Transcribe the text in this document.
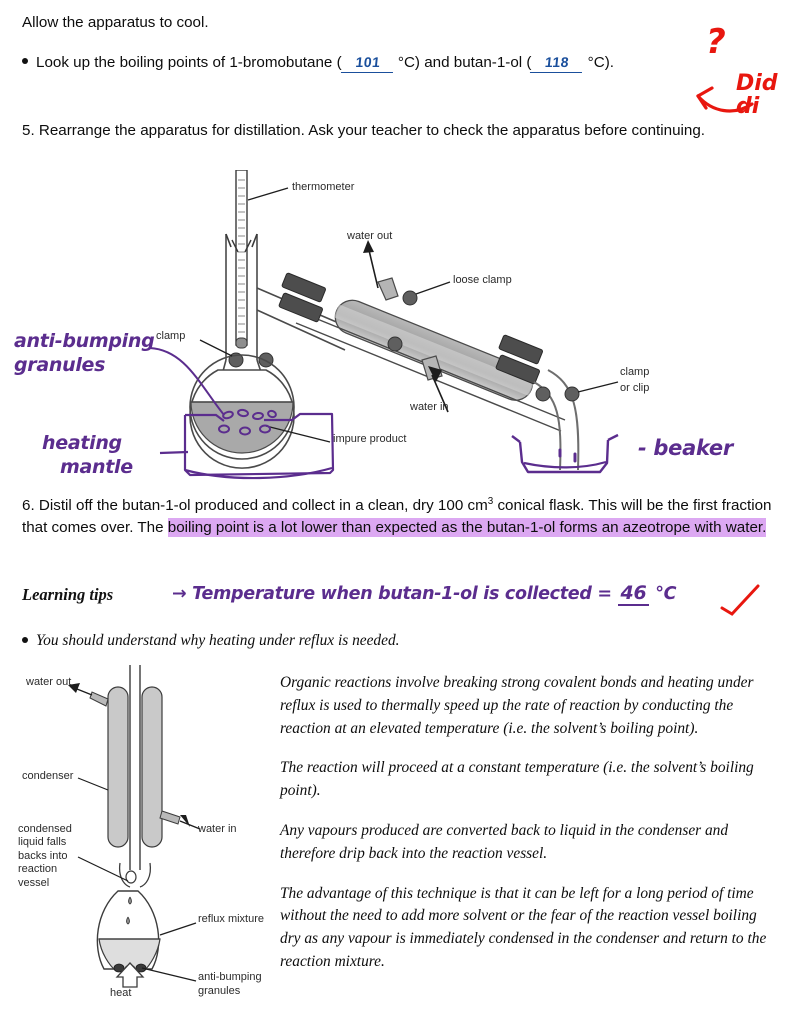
Allow the apparatus to cool.
Look up the boiling points of 1-bromobutane ( 101 °C) and butan-1-ol ( 118 °C).
5. Rearrange the apparatus for distillation. Ask your teacher to check the apparatus before continuing.
?
Did
di
thermometer
water out
loose clamp
clamp
water in
clamp
or clip
impure product
anti-bumping
granules
heating
mantle
- beaker
6. Distil off the butan-1-ol produced and collect in a clean, dry 100 $cm^3$ conical flask. This will be the first fraction that comes over. The boiling point is a lot lower than expected as the butan-1-ol forms an azeotrope with water.
Learning tips	→ Temperature when butan-1-ol is collected = 46 °C
You should understand why heating under reflux is needed.
water out
condenser
water in
condensed liquid falls backs into reaction vessel
reflux mixture
anti-bumping
granules
heat

Organic reactions involve breaking strong covalent bonds and heating under reflux is used to thermally speed up the rate of reaction by conducting the reaction at an elevated temperature (i.e. the solvent’s boiling point).

The reaction will proceed at a constant temperature (i.e. the solvent’s boiling point).

Any vapours produced are converted back to liquid in the condenser and therefore drip back into the reaction vessel.

The advantage of this technique is that it can be left for a long period of time without the need to add more solvent or the fear of the reaction vessel boiling dry as any vapour is immediately condensed in the condenser and return to the reaction mixture.
